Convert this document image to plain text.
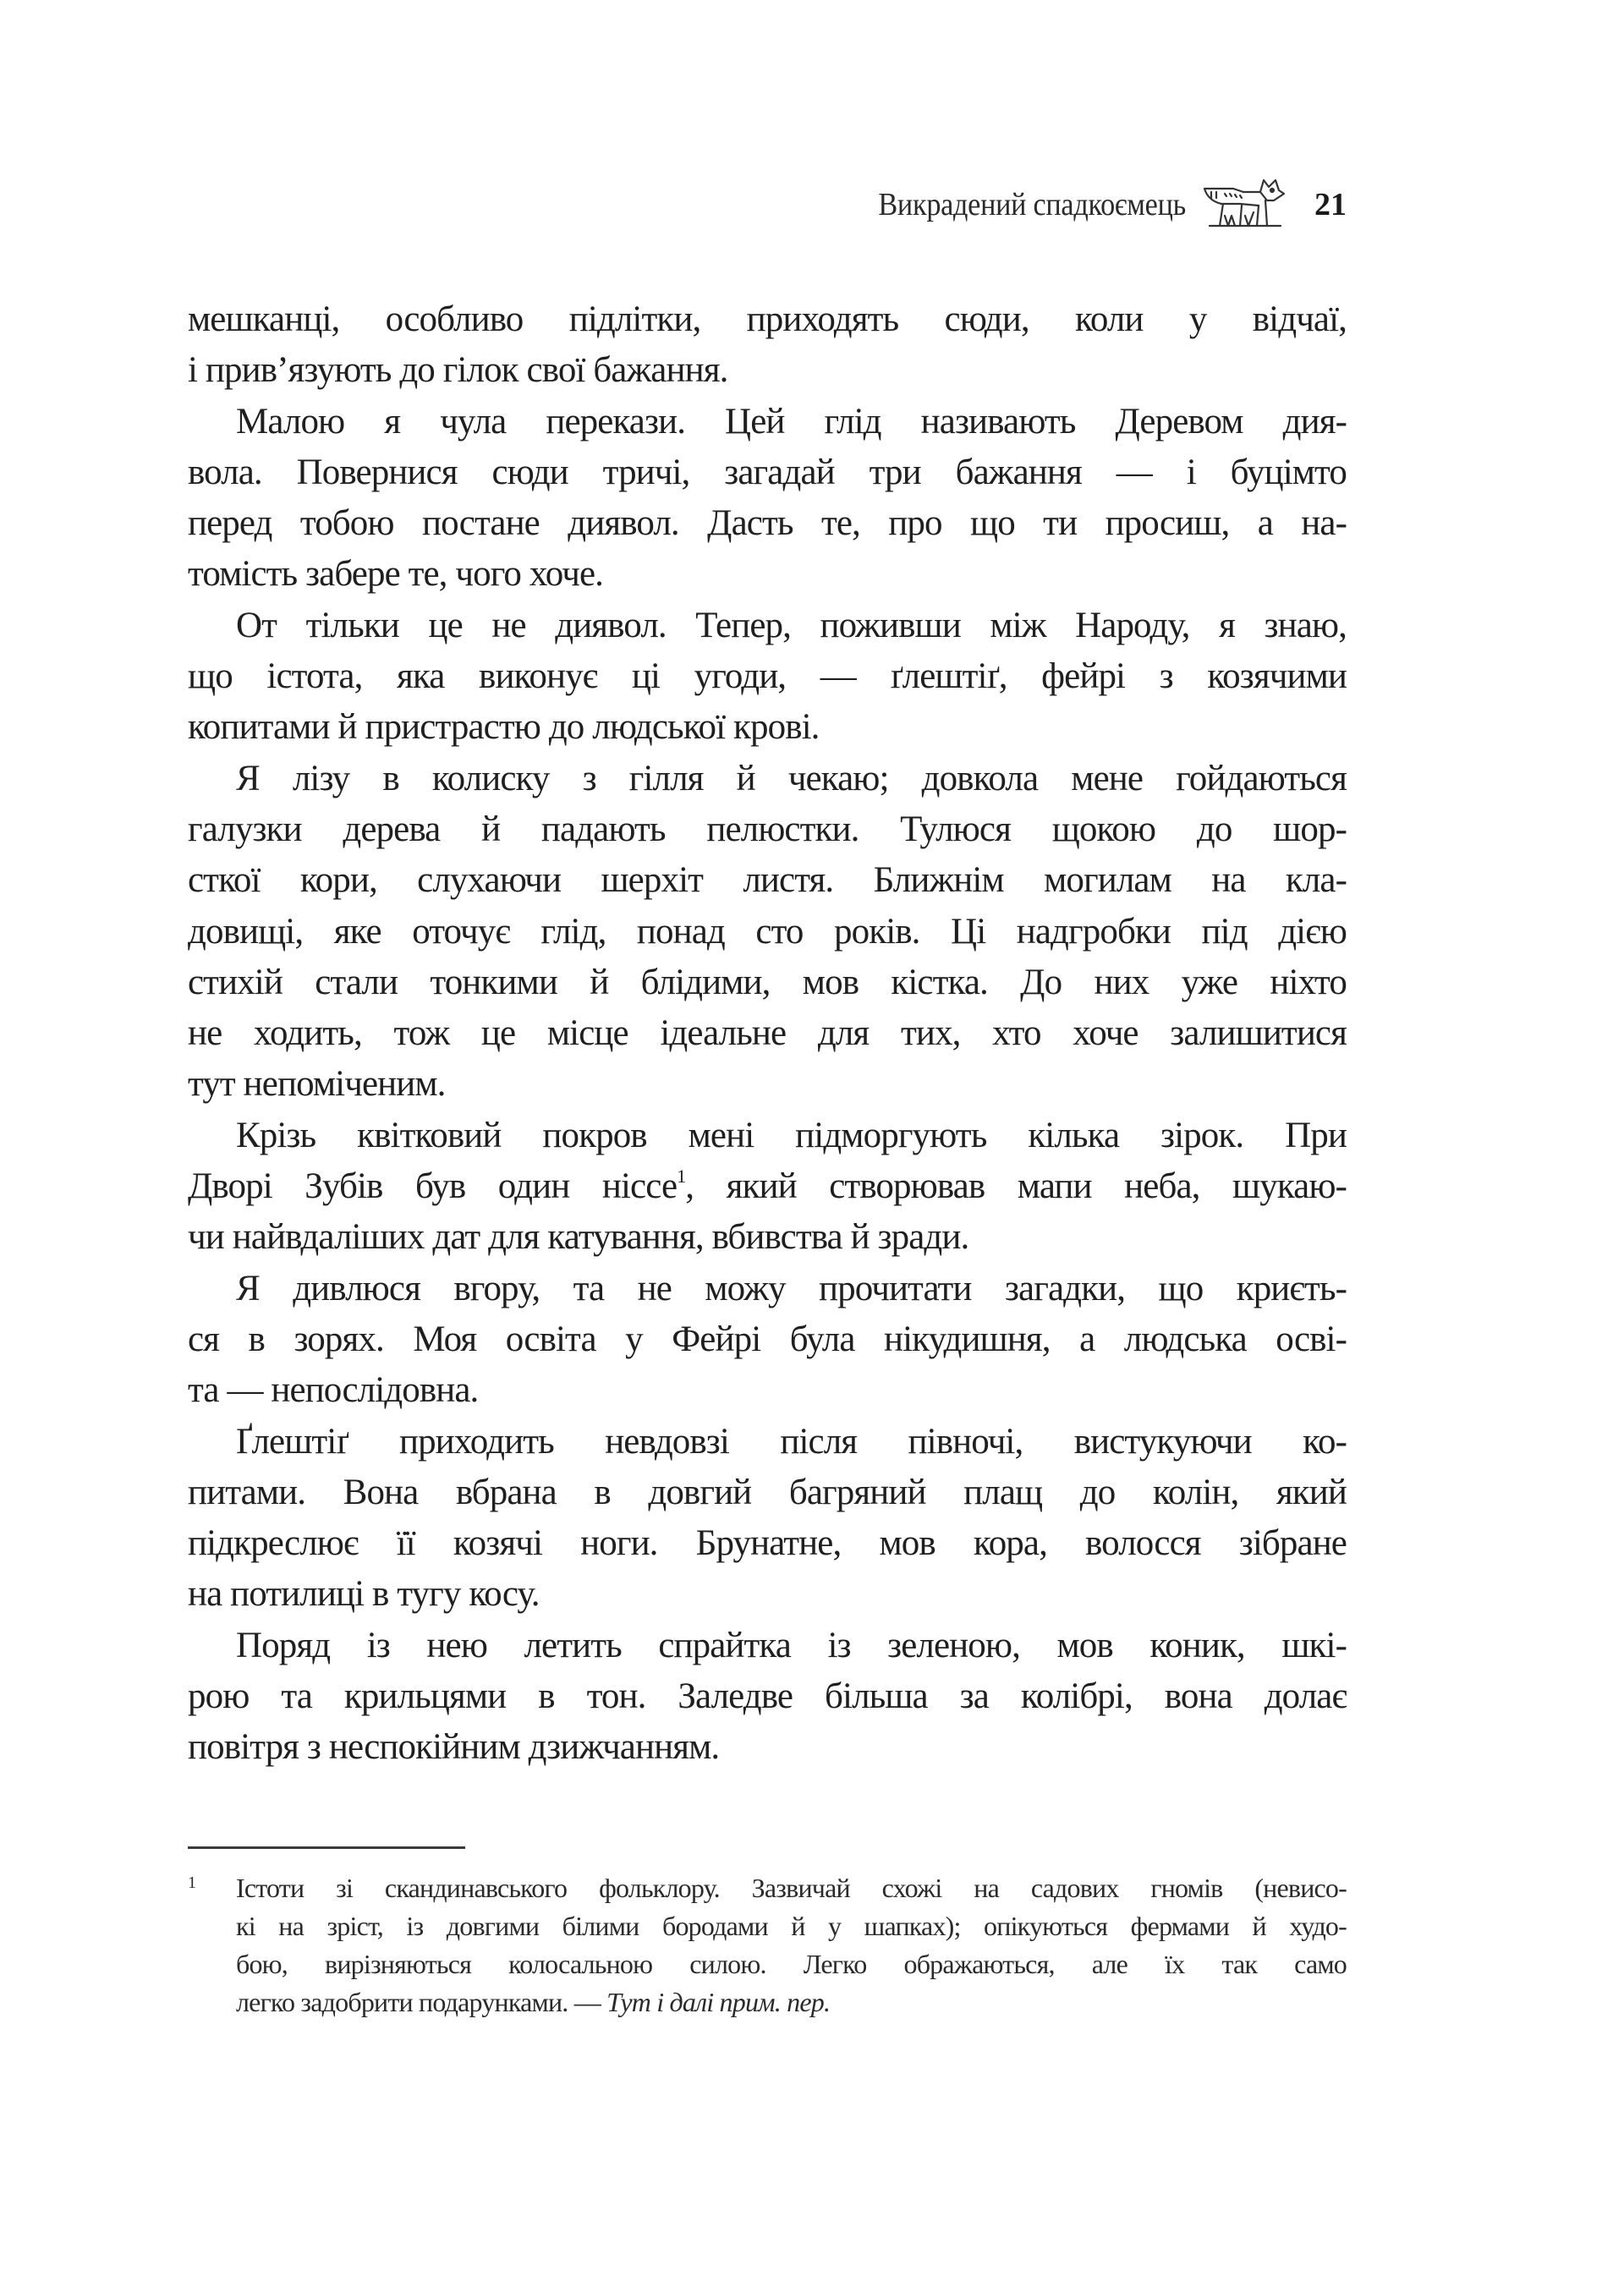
Викрадений спадкоємець	21

мешканці, особливо підлітки, приходять сюди, коли у відчаї,
і прив’язують до гілок свої бажання.

Малою я чула перекази. Цей глід називають Деревом дия-
вола. Повернися сюди тричі, загадай три бажання — і буцімто
перед тобою постане диявол. Дасть те, про що ти просиш, а на-
томість забере те, чого хоче.

От тільки це не диявол. Тепер, поживши між Народу, я знаю,
що істота, яка виконує ці угоди, — ґлештіґ, фейрі з козячими
копитами й пристрастю до людської крові.

Я лізу в колиску з гілля й чекаю; довкола мене гойдаються
галузки дерева й падають пелюстки. Тулюся щокою до шор-
сткої кори, слухаючи шерхіт листя. Ближнім могилам на кла-
довищі, яке оточує глід, понад сто років. Ці надгробки під дією
стихій стали тонкими й блідими, мов кістка. До них уже ніхто
не ходить, тож це місце ідеальне для тих, хто хоче залишитися
тут непоміченим.

Крізь квітковий покров мені підморгують кілька зірок. При
Дворі Зубів був один ніссе$^1$, який створював мапи неба, шукаю-
чи найвдаліших дат для катування, вбивства й зради.

Я дивлюся вгору, та не можу прочитати загадки, що криєть-
ся в зорях. Моя освіта у Фейрі була нікудишня, а людська осві-
та — непослідовна.

Ґлештіґ приходить невдовзі після півночі, вистукуючи ко-
питами. Вона вбрана в довгий багряний плащ до колін, який
підкреслює її козячі ноги. Брунатне, мов кора, волосся зібране
на потилиці в тугу косу.

Поряд із нею летить спрайтка із зеленою, мов коник, шкі-
рою та крильцями в тон. Заледве більша за колібрі, вона долає
повітря з неспокійним дзижчанням.

1 Істоти зі скандинавського фольклору. Зазвичай схожі на садових гномів (невисо-
кі на зріст, із довгими білими бородами й у шапках); опікуються фермами й худо-
бою, вирізняються колосальною силою. Легко ображаються, але їх так само
легко задобрити подарунками. — Тут і далі прим. пер.
